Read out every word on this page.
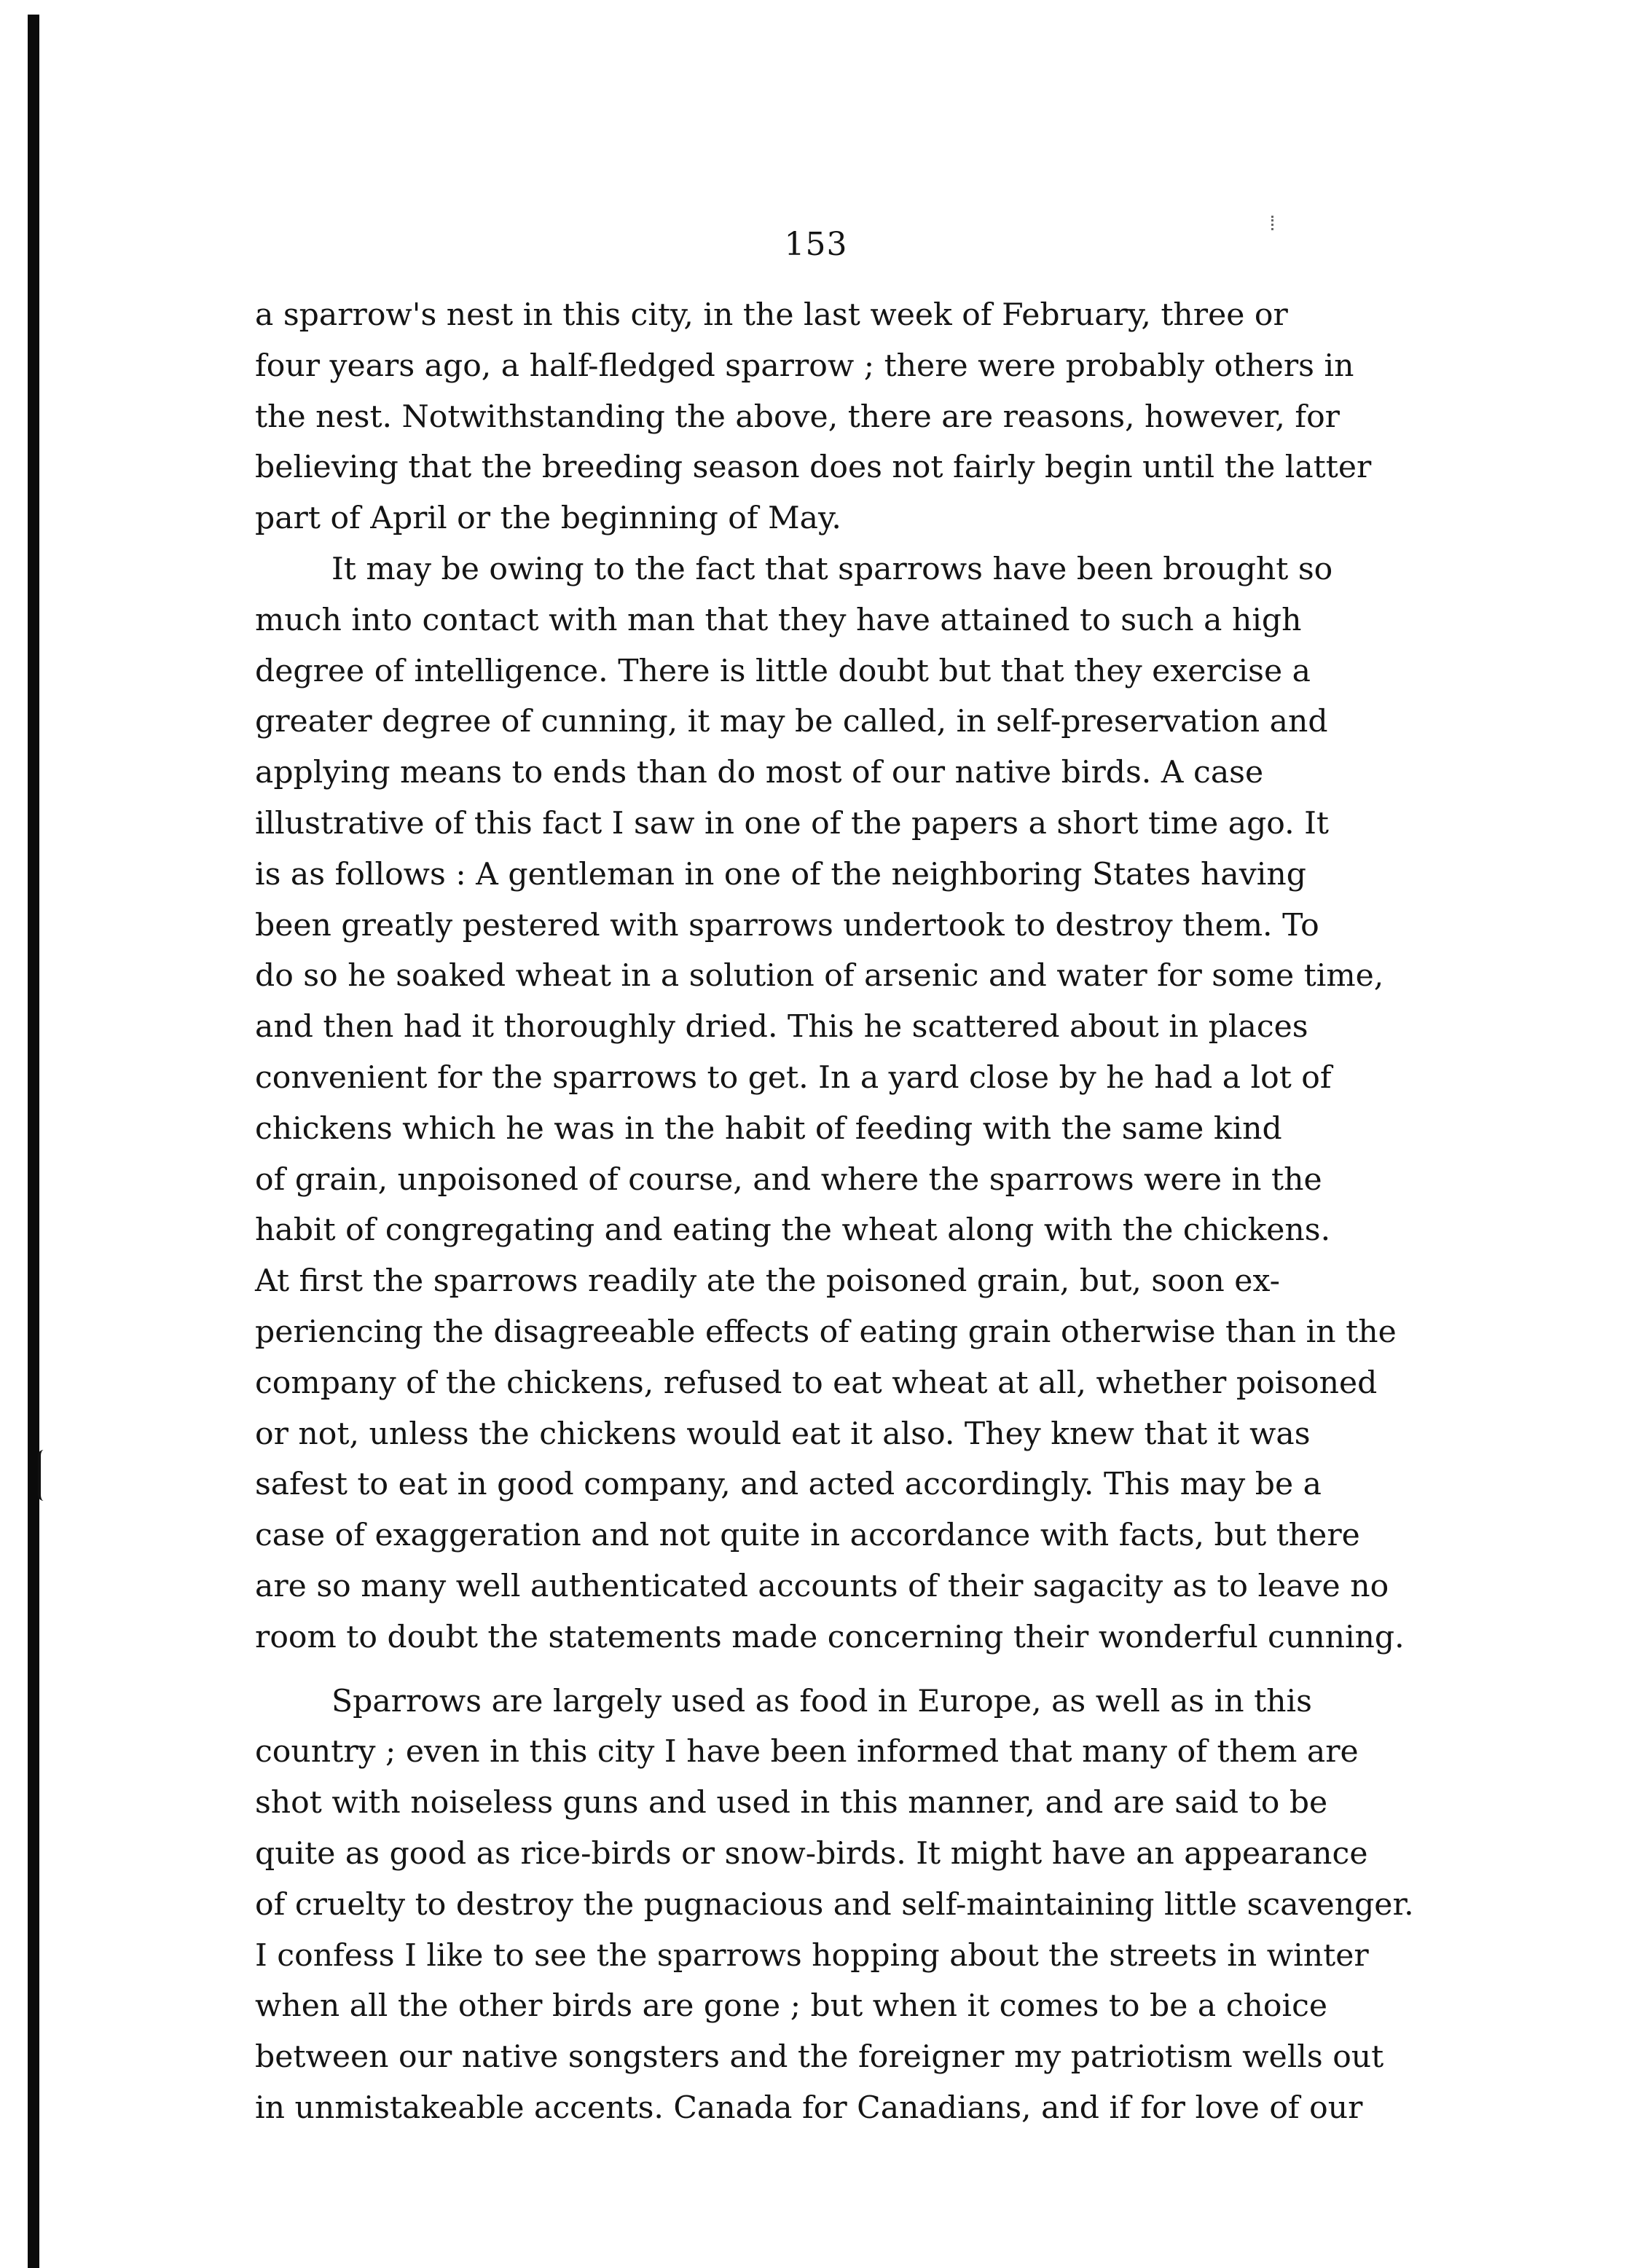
153

a sparrow's nest in this city, in the last week of February, three or
four years ago, a half-fledged sparrow ; there were probably others in
the nest. Notwithstanding the above, there are reasons, however, for
believing that the breeding season does not fairly begin until the latter
part of April or the beginning of May.

It may be owing to the fact that sparrows have been brought so
much into contact with man that they have attained to such a high
degree of intelligence. There is little doubt but that they exercise a
greater degree of cunning, it may be called, in self-preservation and
applying means to ends than do most of our native birds. A case
illustrative of this fact I saw in one of the papers a short time ago. It
is as follows : A gentleman in one of the neighboring States having
been greatly pestered with sparrows undertook to destroy them. To
do so he soaked wheat in a solution of arsenic and water for some time,
and then had it thoroughly dried. This he scattered about in places
convenient for the sparrows to get. In a yard close by he had a lot of
chickens which he was in the habit of feeding with the same kind
of grain, unpoisoned of course, and where the sparrows were in the
habit of congregating and eating the wheat along with the chickens.
At first the sparrows readily ate the poisoned grain, but, soon ex-
periencing the disagreeable effects of eating grain otherwise than in the
company of the chickens, refused to eat wheat at all, whether poisoned
or not, unless the chickens would eat it also. They knew that it was
safest to eat in good company, and acted accordingly. This may be a
case of exaggeration and not quite in accordance with facts, but there
are so many well authenticated accounts of their sagacity as to leave no
room to doubt the statements made concerning their wonderful cunning.

Sparrows are largely used as food in Europe, as well as in this
country ; even in this city I have been informed that many of them are
shot with noiseless guns and used in this manner, and are said to be
quite as good as rice-birds or snow-birds. It might have an appearance
of cruelty to destroy the pugnacious and self-maintaining little scavenger.
I confess I like to see the sparrows hopping about the streets in winter
when all the other birds are gone ; but when it comes to be a choice
between our native songsters and the foreigner my patriotism wells out
in unmistakeable accents. Canada for Canadians, and if for love of our
